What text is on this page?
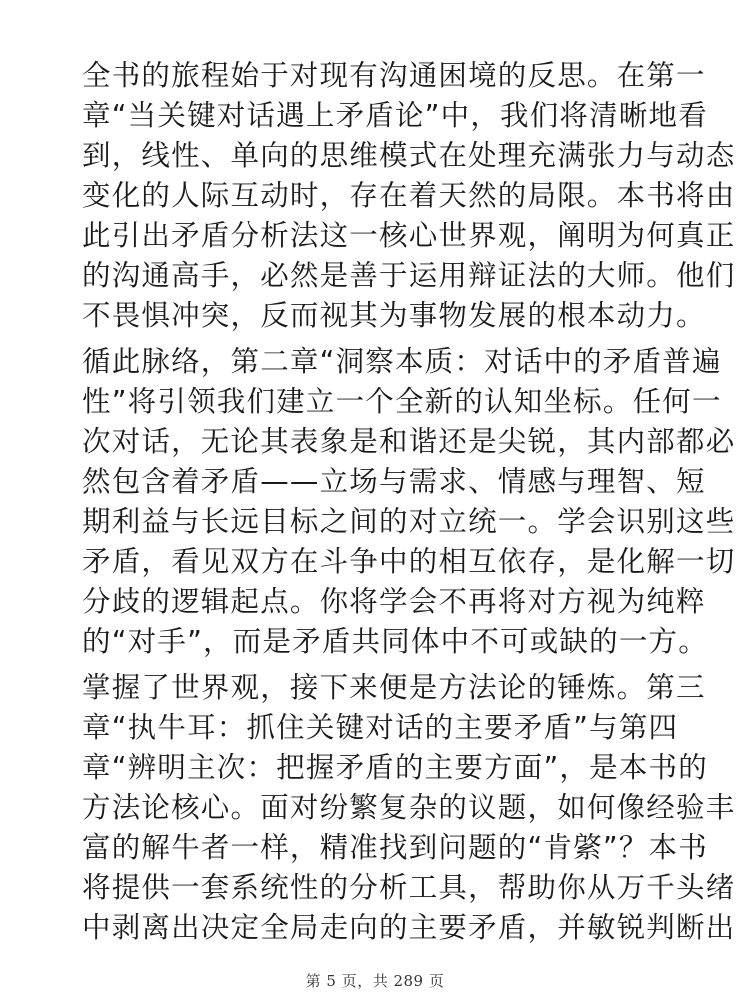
全书的旅程始于对现有沟通困境的反思。在第一
章“当关键对话遇上矛盾论”中，我们将清晰地看
到，线性、单向的思维模式在处理充满张力与动态
变化的人际互动时，存在着天然的局限。本书将由
此引出矛盾分析法这一核心世界观，阐明为何真正
的沟通高手，必然是善于运用辩证法的大师。他们
不畏惧冲突，反而视其为事物发展的根本动力。

循此脉络，第二章“洞察本质：对话中的矛盾普遍
性”将引领我们建立一个全新的认知坐标。任何一
次对话，无论其表象是和谐还是尖锐，其内部都必
然包含着矛盾——立场与需求、情感与理智、短
期利益与长远目标之间的对立统一。学会识别这些
矛盾，看见双方在斗争中的相互依存，是化解一切
分歧的逻辑起点。你将学会不再将对方视为纯粹
的“对手”，而是矛盾共同体中不可或缺的一方。

掌握了世界观，接下来便是方法论的锤炼。第三
章“执牛耳：抓住关键对话的主要矛盾”与第四
章“辨明主次：把握矛盾的主要方面”，是本书的
方法论核心。面对纷繁复杂的议题，如何像经验丰
富的解牛者一样，精准找到问题的“肯綮”？本书
将提供一套系统性的分析工具，帮助你从万千头绪
中剥离出决定全局走向的主要矛盾，并敏锐判断出

第 5 页，共 289 页
